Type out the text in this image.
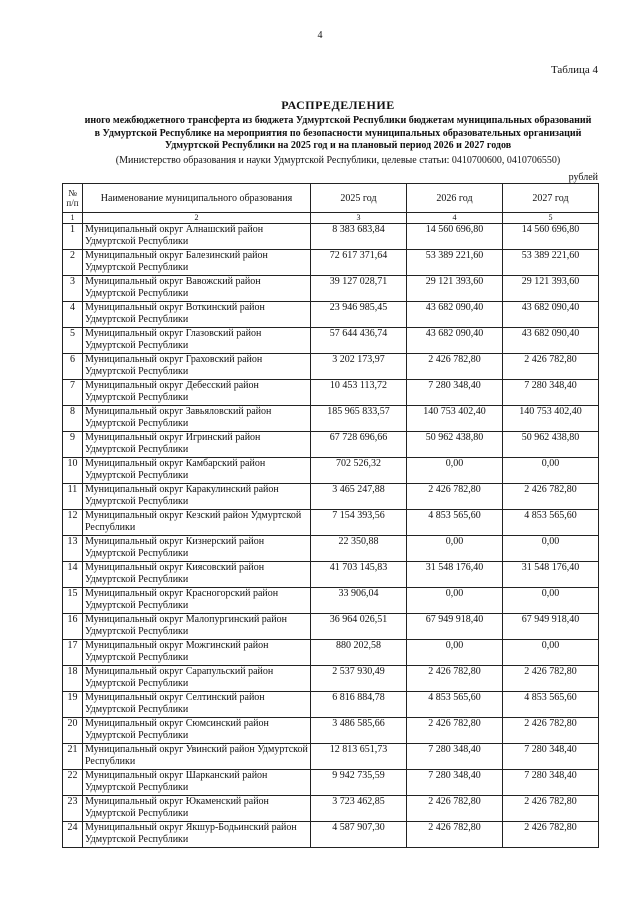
4
Таблица 4
РАСПРЕДЕЛЕНИЕ
иного межбюджетного трансферта из бюджета Удмуртской Республики бюджетам муниципальных образований
в Удмуртской Республике на мероприятия по безопасности муниципальных образовательных организаций
Удмуртской Республики на 2025 год и на плановый период 2026 и 2027 годов
(Министерство образования и науки Удмуртской Республики, целевые статьи: 0410700600, 0410706550)
рублей
№ п/п	Наименование муниципального образования	2025 год	2026 год	2027 год
1	2	3	4	5
1	Муниципальный округ Алнашский район Удмуртской Республики	8 383 683,84	14 560 696,80	14 560 696,80
2	Муниципальный округ Балезинский район Удмуртской Республики	72 617 371,64	53 389 221,60	53 389 221,60
3	Муниципальный округ Вавожский район Удмуртской Республики	39 127 028,71	29 121 393,60	29 121 393,60
4	Муниципальный округ Воткинский район Удмуртской Республики	23 946 985,45	43 682 090,40	43 682 090,40
5	Муниципальный округ Глазовский район Удмуртской Республики	57 644 436,74	43 682 090,40	43 682 090,40
6	Муниципальный округ Граховский район Удмуртской Республики	3 202 173,97	2 426 782,80	2 426 782,80
7	Муниципальный округ Дебесский район Удмуртской Республики	10 453 113,72	7 280 348,40	7 280 348,40
8	Муниципальный округ Завьяловский район Удмуртской Республики	185 965 833,57	140 753 402,40	140 753 402,40
9	Муниципальный округ Игринский район Удмуртской Республики	67 728 696,66	50 962 438,80	50 962 438,80
10	Муниципальный округ Камбарский район Удмуртской Республики	702 526,32	0,00	0,00
11	Муниципальный округ Каракулинский район Удмуртской Республики	3 465 247,88	2 426 782,80	2 426 782,80
12	Муниципальный округ Кезский район Удмуртской Республики	7 154 393,56	4 853 565,60	4 853 565,60
13	Муниципальный округ Кизнерский район Удмуртской Республики	22 350,88	0,00	0,00
14	Муниципальный округ Киясовский район Удмуртской Республики	41 703 145,83	31 548 176,40	31 548 176,40
15	Муниципальный округ Красногорский район Удмуртской Республики	33 906,04	0,00	0,00
16	Муниципальный округ Малопургинский район Удмуртской Республики	36 964 026,51	67 949 918,40	67 949 918,40
17	Муниципальный округ Можгинский район Удмуртской Республики	880 202,58	0,00	0,00
18	Муниципальный округ Сарапульский район Удмуртской Республики	2 537 930,49	2 426 782,80	2 426 782,80
19	Муниципальный округ Селтинский район Удмуртской Республики	6 816 884,78	4 853 565,60	4 853 565,60
20	Муниципальный округ Сюмсинский район Удмуртской Республики	3 486 585,66	2 426 782,80	2 426 782,80
21	Муниципальный округ Увинский район Удмуртской Республики	12 813 651,73	7 280 348,40	7 280 348,40
22	Муниципальный округ Шарканский район Удмуртской Республики	9 942 735,59	7 280 348,40	7 280 348,40
23	Муниципальный округ Юкаменский район Удмуртской Республики	3 723 462,85	2 426 782,80	2 426 782,80
24	Муниципальный округ Якшур-Бодьинский район Удмуртской Республики	4 587 907,30	2 426 782,80	2 426 782,80
